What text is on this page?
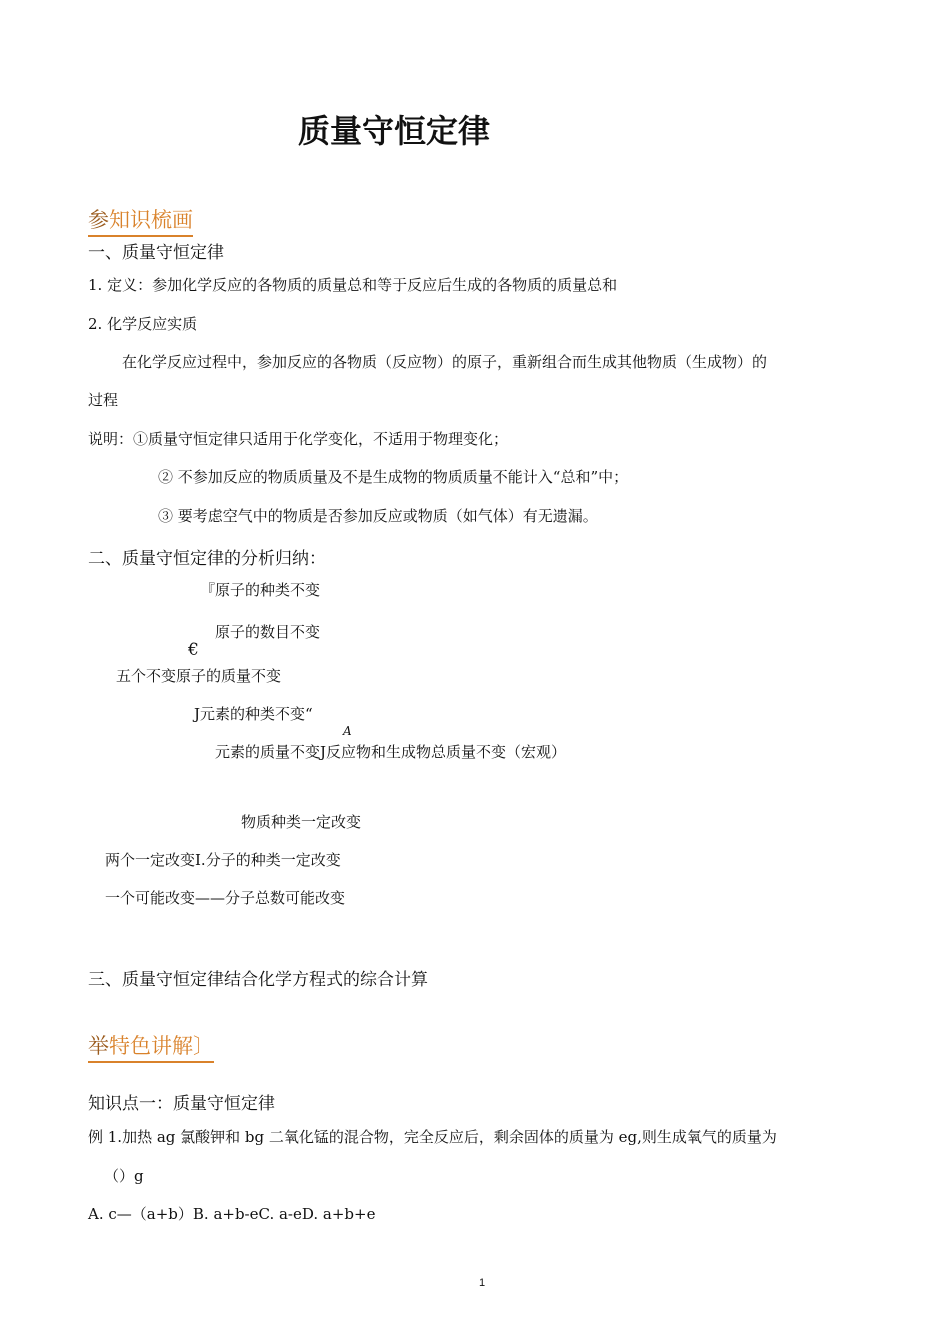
质量守恒定律
参知识梳画
一、质量守恒定律
1. 定义：参加化学反应的各物质的质量总和等于反应后生成的各物质的质量总和
2. 化学反应实质
在化学反应过程中，参加反应的各物质（反应物）的原子，重新组合而生成其他物质（生成物）的
过程
说明：①质量守恒定律只适用于化学变化，不适用于物理变化；
② 不参加反应的物质质量及不是生成物的物质质量不能计入“总和”中；
③ 要考虑空气中的物质是否参加反应或物质（如气体）有无遗漏。
二、质量守恒定律的分析归纳：
『原子的种类不变
原子的数目不变
€
五个不变原子的质量不变
J元素的种类不变“
A
元素的质量不变J反应物和生成物总质量不变（宏观）
物质种类一定改变
两个一定改变I.分子的种类一定改变
一个可能改变——分子总数可能改变
三、质量守恒定律结合化学方程式的综合计算
举特色讲解〕
知识点一：质量守恒定律
例 1.加热 ag 氯酸钾和 bg 二氧化锰的混合物，完全反应后，剩余固体的质量为 eg,则生成氧气的质量为
（）g
A. c—（a+b）B. a+b-eC. a-eD. a+b+e
1
